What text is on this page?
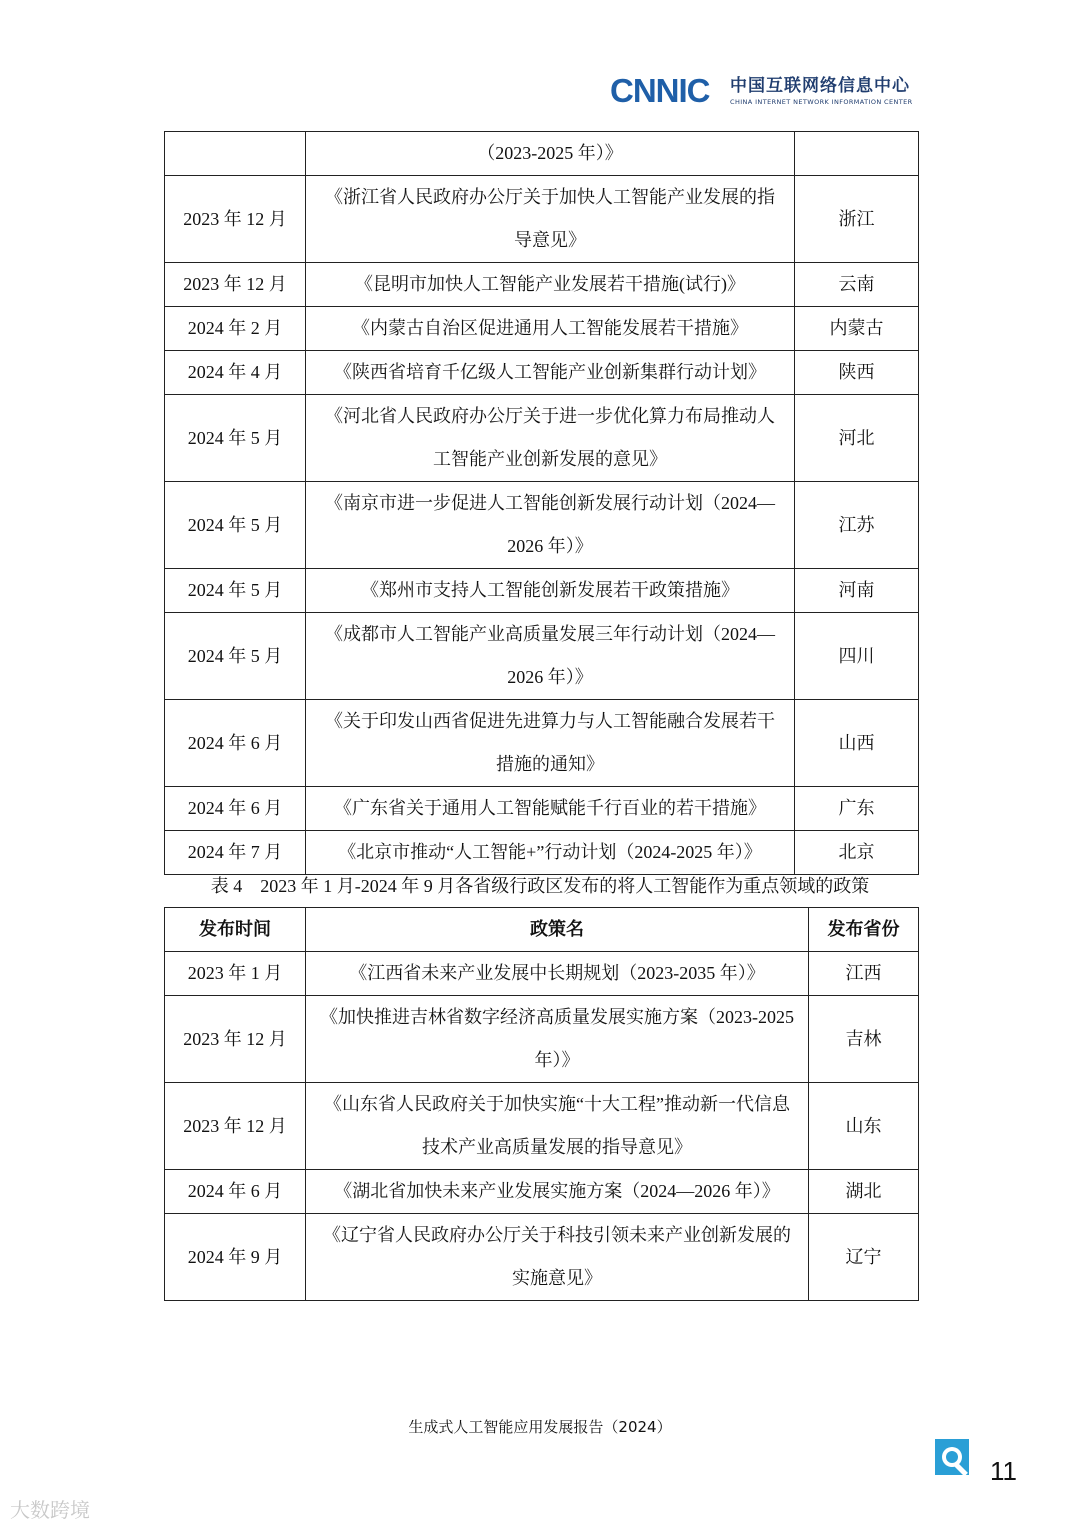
CNNIC 中国互联网络信息中心
CHINA INTERNET NETWORK INFORMATION CENTER
	（2023-2025 年）》	
2023 年 12 月	《浙江省人民政府办公厅关于加快人工智能产业发展的指导意见》	浙江
2023 年 12 月	《昆明市加快人工智能产业发展若干措施(试行)》	云南
2024 年 2 月	《内蒙古自治区促进通用人工智能发展若干措施》	内蒙古
2024 年 4 月	《陕西省培育千亿级人工智能产业创新集群行动计划》	陕西
2024 年 5 月	《河北省人民政府办公厅关于进一步优化算力布局推动人工智能产业创新发展的意见》	河北
2024 年 5 月	《南京市进一步促进人工智能创新发展行动计划（2024—2026 年）》	江苏
2024 年 5 月	《郑州市支持人工智能创新发展若干政策措施》	河南
2024 年 5 月	《成都市人工智能产业高质量发展三年行动计划（2024—2026 年）》	四川
2024 年 6 月	《关于印发山西省促进先进算力与人工智能融合发展若干措施的通知》	山西
2024 年 6 月	《广东省关于通用人工智能赋能千行百业的若干措施》	广东
2024 年 7 月	《北京市推动“人工智能+”行动计划（2024-2025 年）》	北京
表 4　2023 年 1 月-2024 年 9 月各省级行政区发布的将人工智能作为重点领域的政策
发布时间	政策名	发布省份
2023 年 1 月	《江西省未来产业发展中长期规划（2023-2035 年）》	江西
2023 年 12 月	《加快推进吉林省数字经济高质量发展实施方案（2023-2025 年）》	吉林
2023 年 12 月	《山东省人民政府关于加快实施“十大工程”推动新一代信息技术产业高质量发展的指导意见》	山东
2024 年 6 月	《湖北省加快未来产业发展实施方案（2024—2026 年）》	湖北
2024 年 9 月	《辽宁省人民政府办公厅关于科技引领未来产业创新发展的实施意见》	辽宁
生成式人工智能应用发展报告（2024）
11
大数跨境
